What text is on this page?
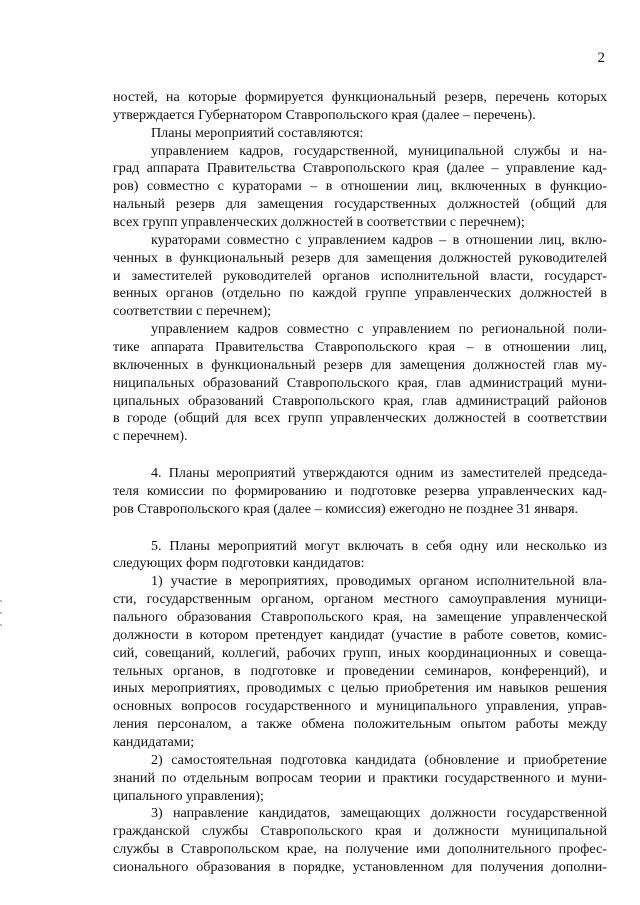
2
ностей, на которые формируется функциональный резерв, перечень которых
утверждается Губернатором Ставропольского края (далее – перечень).
Планы мероприятий составляются:
управлением кадров, государственной, муниципальной службы и на-
град аппарата Правительства Ставропольского края (далее – управление кад-
ров) совместно с кураторами – в отношении лиц, включенных в функцио-
нальный резерв для замещения государственных должностей (общий для
всех групп управленческих должностей в соответствии с перечнем);
кураторами совместно с управлением кадров – в отношении лиц, вклю-
ченных в функциональный резерв для замещения должностей руководителей
и заместителей руководителей органов исполнительной власти, государст-
венных органов (отдельно по каждой группе управленческих должностей в
соответствии с перечнем);
управлением кадров совместно с управлением по региональной поли-
тике аппарата Правительства Ставропольского края – в отношении лиц,
включенных в функциональный резерв для замещения должностей глав му-
ниципальных образований Ставропольского края, глав администраций муни-
ципальных образований Ставропольского края, глав администраций районов
в городе (общий для всех групп управленческих должностей в соответствии
с перечнем).
4. Планы мероприятий утверждаются одним из заместителей председа-
теля комиссии по формированию и подготовке резерва управленческих кад-
ров Ставропольского края (далее – комиссия) ежегодно не позднее 31 января.
5. Планы мероприятий могут включать в себя одну или несколько из
следующих форм подготовки кандидатов:
1) участие в мероприятиях, проводимых органом исполнительной вла-
сти, государственным органом, органом местного самоуправления муници-
пального образования Ставропольского края, на замещение управленческой
должности в котором претендует кандидат (участие в работе советов, комис-
сий, совещаний, коллегий, рабочих групп, иных координационных и совеща-
тельных органов, в подготовке и проведении семинаров, конференций), и
иных мероприятиях, проводимых с целью приобретения им навыков решения
основных вопросов государственного и муниципального управления, управ-
ления персоналом, а также обмена положительным опытом работы между
кандидатами;
2) самостоятельная подготовка кандидата (обновление и приобретение
знаний по отдельным вопросам теории и практики государственного и муни-
ципального управления);
3) направление кандидатов, замещающих должности государственной
гражданской службы Ставропольского края и должности муниципальной
службы в Ставропольском крае, на получение ими дополнительного профес-
сионального образования в порядке, установленном для получения дополни-
